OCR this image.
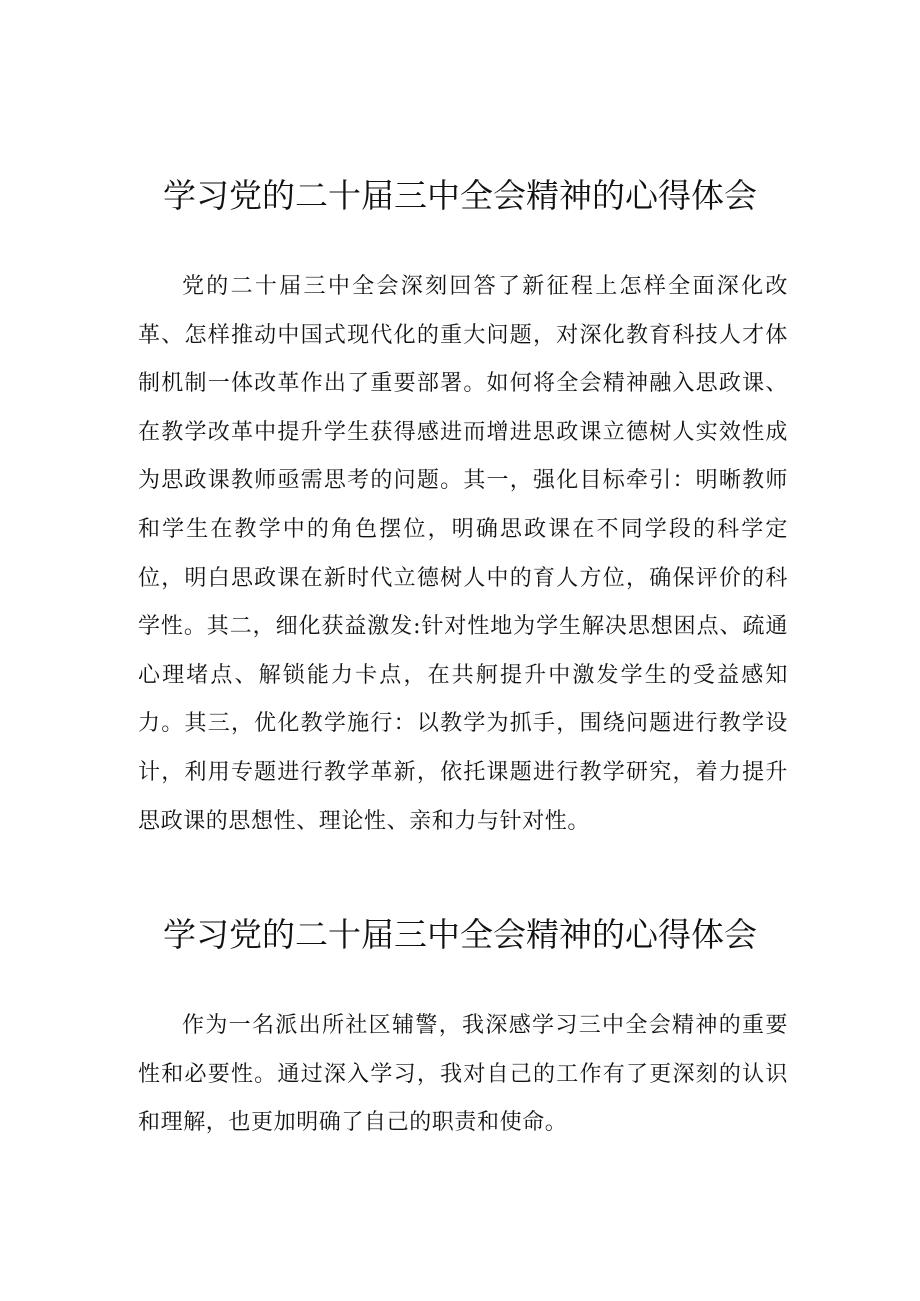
学习党的二十届三中全会精神的心得体会

党的二十届三中全会深刻回答了新征程上怎样全面深化改革、怎样推动中国式现代化的重大问题，对深化教育科技人才体制机制一体改革作出了重要部署。如何将全会精神融入思政课、在教学改革中提升学生获得感进而增进思政课立德树人实效性成为思政课教师亟需思考的问题。其一，强化目标牵引：明晰教师和学生在教学中的角色摆位，明确思政课在不同学段的科学定位，明白思政课在新时代立德树人中的育人方位，确保评价的科学性。其二，细化获益激发:针对性地为学生解决思想困点、疏通心理堵点、解锁能力卡点，在共舸提升中激发学生的受益感知力。其三，优化教学施行：以教学为抓手，围绕问题进行教学设计，利用专题进行教学革新，依托课题进行教学研究，着力提升思政课的思想性、理论性、亲和力与针对性。

学习党的二十届三中全会精神的心得体会

作为一名派出所社区辅警，我深感学习三中全会精神的重要性和必要性。通过深入学习，我对自己的工作有了更深刻的认识和理解，也更加明确了自己的职责和使命。
